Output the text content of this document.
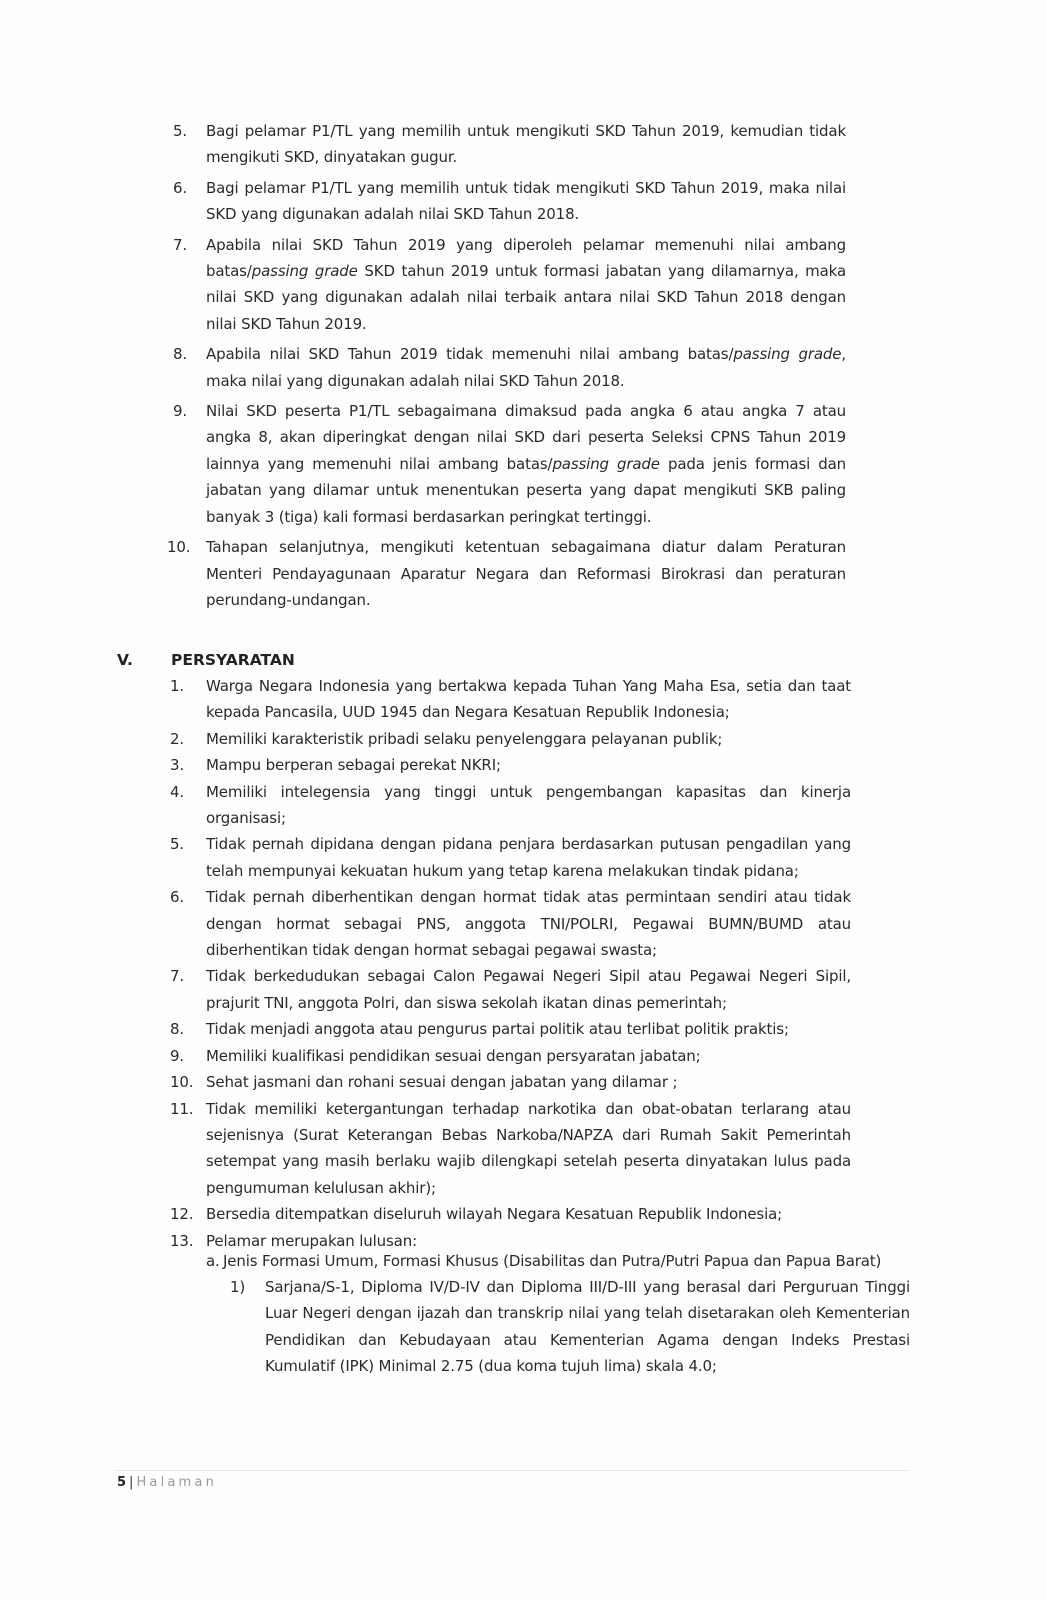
5. Bagi pelamar P1/TL yang memilih untuk mengikuti SKD Tahun 2019, kemudian tidak mengikuti SKD, dinyatakan gugur.
6. Bagi pelamar P1/TL yang memilih untuk tidak mengikuti SKD Tahun 2019, maka nilai SKD yang digunakan adalah nilai SKD Tahun 2018.
7. Apabila nilai SKD Tahun 2019 yang diperoleh pelamar memenuhi nilai ambang batas/passing grade SKD tahun 2019 untuk formasi jabatan yang dilamarnya, maka nilai SKD yang digunakan adalah nilai terbaik antara nilai SKD Tahun 2018 dengan nilai SKD Tahun 2019.
8. Apabila nilai SKD Tahun 2019 tidak memenuhi nilai ambang batas/passing grade, maka nilai yang digunakan adalah nilai SKD Tahun 2018.
9. Nilai SKD peserta P1/TL sebagaimana dimaksud pada angka 6 atau angka 7 atau angka 8, akan diperingkat dengan nilai SKD dari peserta Seleksi CPNS Tahun 2019 lainnya yang memenuhi nilai ambang batas/passing grade pada jenis formasi dan jabatan yang dilamar untuk menentukan peserta yang dapat mengikuti SKB paling banyak 3 (tiga) kali formasi berdasarkan peringkat tertinggi.
10. Tahapan selanjutnya, mengikuti ketentuan sebagaimana diatur dalam Peraturan Menteri Pendayagunaan Aparatur Negara dan Reformasi Birokrasi dan peraturan perundang-undangan.
V. PERSYARATAN
1. Warga Negara Indonesia yang bertakwa kepada Tuhan Yang Maha Esa, setia dan taat kepada Pancasila, UUD 1945 dan Negara Kesatuan Republik Indonesia;
2. Memiliki karakteristik pribadi selaku penyelenggara pelayanan publik;
3. Mampu berperan sebagai perekat NKRI;
4. Memiliki intelegensia yang tinggi untuk pengembangan kapasitas dan kinerja organisasi;
5. Tidak pernah dipidana dengan pidana penjara berdasarkan putusan pengadilan yang telah mempunyai kekuatan hukum yang tetap karena melakukan tindak pidana;
6. Tidak pernah diberhentikan dengan hormat tidak atas permintaan sendiri atau tidak dengan hormat sebagai PNS, anggota TNI/POLRI, Pegawai BUMN/BUMD atau diberhentikan tidak dengan hormat sebagai pegawai swasta;
7. Tidak berkedudukan sebagai Calon Pegawai Negeri Sipil atau Pegawai Negeri Sipil, prajurit TNI, anggota Polri, dan siswa sekolah ikatan dinas pemerintah;
8. Tidak menjadi anggota atau pengurus partai politik atau terlibat politik praktis;
9. Memiliki kualifikasi pendidikan sesuai dengan persyaratan jabatan;
10. Sehat jasmani dan rohani sesuai dengan jabatan yang dilamar ;
11. Tidak memiliki ketergantungan terhadap narkotika dan obat-obatan terlarang atau sejenisnya (Surat Keterangan Bebas Narkoba/NAPZA dari Rumah Sakit Pemerintah setempat yang masih berlaku wajib dilengkapi setelah peserta dinyatakan lulus pada pengumuman kelulusan akhir);
12. Bersedia ditempatkan diseluruh wilayah Negara Kesatuan Republik Indonesia;
13. Pelamar merupakan lulusan:
a. Jenis Formasi Umum, Formasi Khusus (Disabilitas dan Putra/Putri Papua dan Papua Barat)
1) Sarjana/S-1, Diploma IV/D-IV dan Diploma III/D-III yang berasal dari Perguruan Tinggi Luar Negeri dengan ijazah dan transkrip nilai yang telah disetarakan oleh Kementerian Pendidikan dan Kebudayaan atau Kementerian Agama dengan Indeks Prestasi Kumulatif (IPK) Minimal 2.75 (dua koma tujuh lima) skala 4.0;
5 | Halaman
